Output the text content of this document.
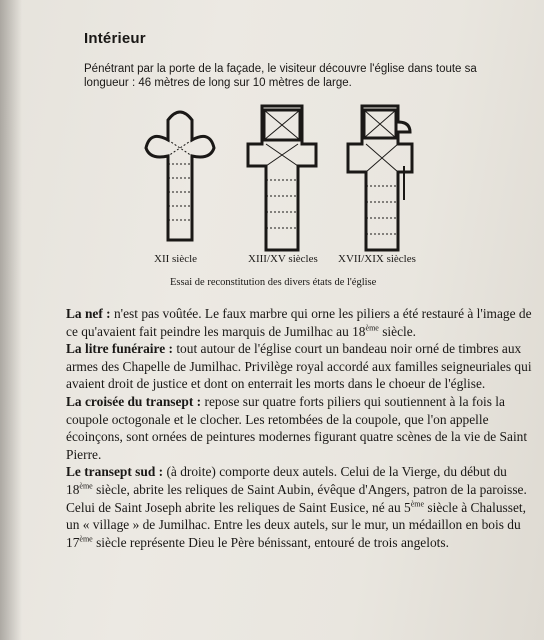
Intérieur
Pénétrant par la porte de la façade, le visiteur découvre l'église dans toute sa longueur : 46 mètres de long sur 10 mètres de large.
XII siècle	XIII/XV siècles XVII/XIX siècles
Essai de reconstitution des divers états de l'église

La nef : n'est pas voûtée. Le faux marbre qui orne les piliers a été restauré à l'image de ce qu'avaient fait peindre les marquis de Jumilhac au 18ème siècle.

La litre funéraire : tout autour de l'église court un bandeau noir orné de timbres aux armes des Chapelle de Jumilhac. Privilège royal accordé aux familles seigneuriales qui avaient droit de justice et dont on enterrait les morts dans le choeur de l'église.

La croisée du transept : repose sur quatre forts piliers qui soutiennent à la fois la coupole octogonale et le clocher. Les retombées de la coupole, que l'on appelle écoinçons, sont ornées de peintures modernes figurant quatre scènes de la vie de Saint Pierre.

Le transept sud : (à droite) comporte deux autels. Celui de la Vierge, du début du 18ème siècle, abrite les reliques de Saint Aubin, évêque d'Angers, patron de la paroisse. Celui de Saint Joseph abrite les reliques de Saint Eusice, né au 5ème siècle à Chalusset, un « village » de Jumilhac. Entre les deux autels, sur le mur, un médaillon en bois du 17ème siècle représente Dieu le Père bénissant, entouré de trois angelots.
